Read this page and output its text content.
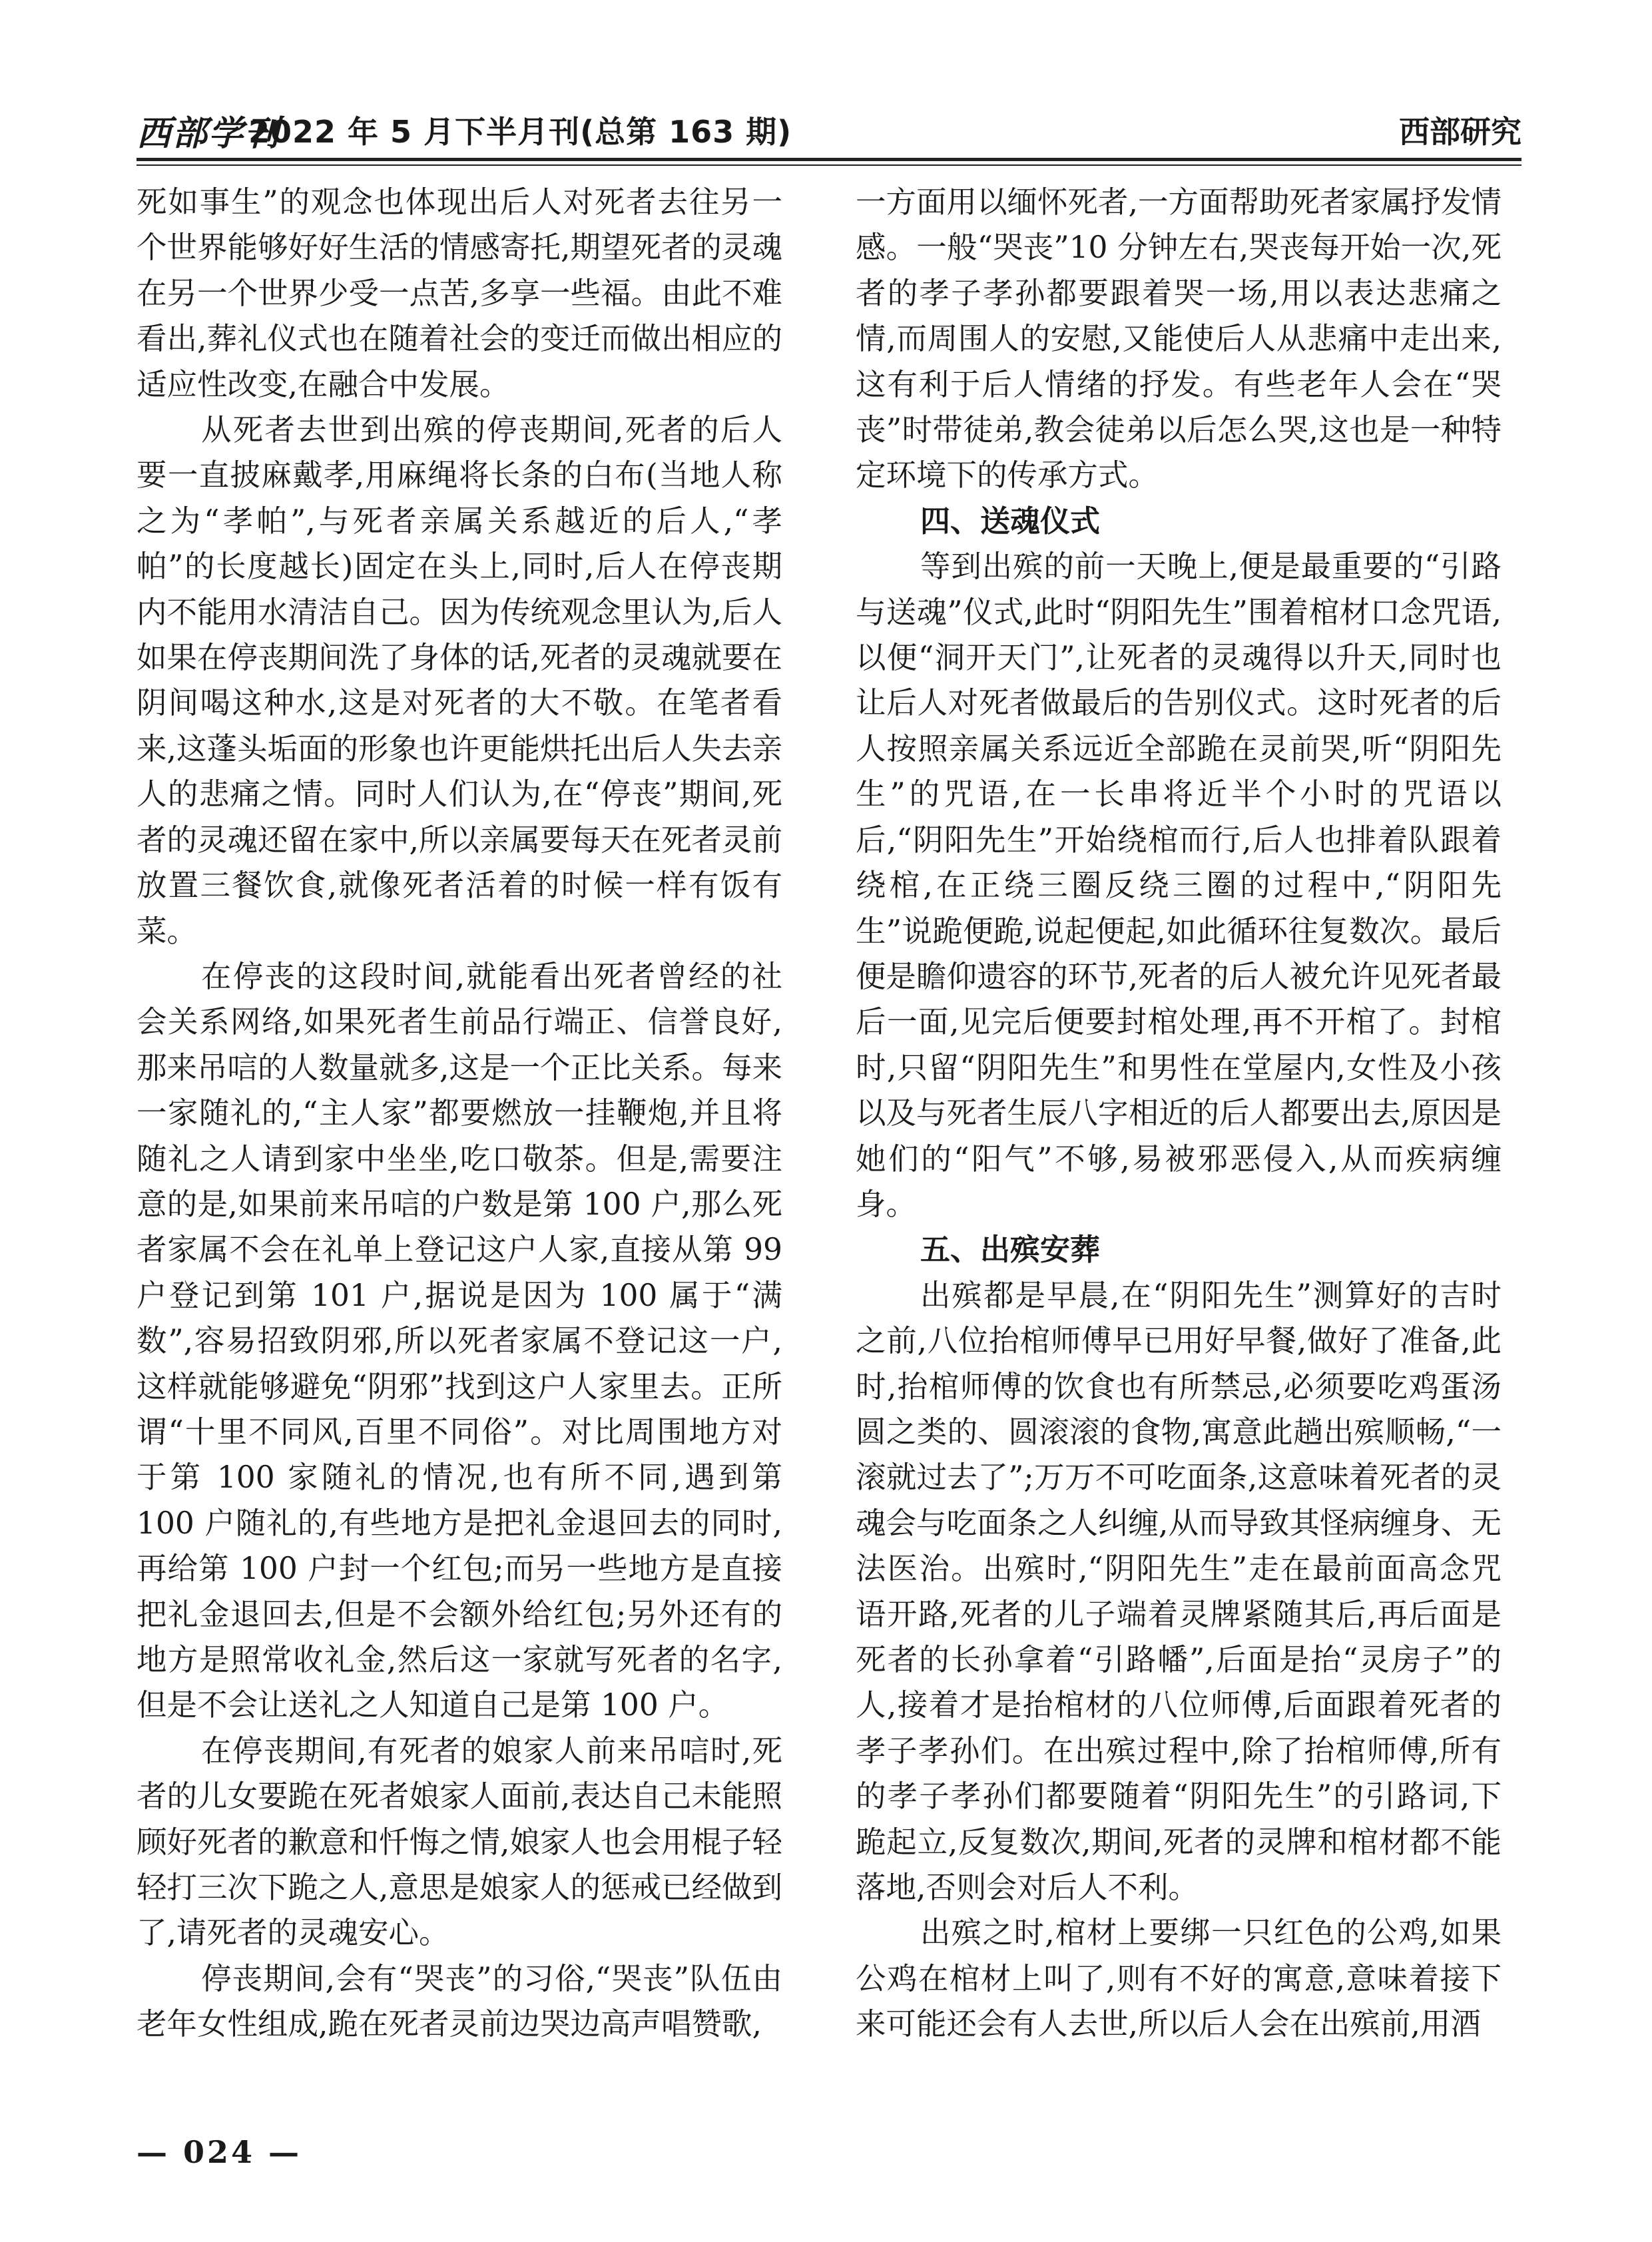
西部学刊
2022 年 5 月下半月刊(总第 163 期)	西部研究

死如事生”的观念也体现出后人对死者去往另一个世界能够好好生活的情感寄托,期望死者的灵魂在另一个世界少受一点苦,多享一些福。由此不难看出,葬礼仪式也在随着社会的变迁而做出相应的适应性改变,在融合中发展。

从死者去世到出殡的停丧期间,死者的后人要一直披麻戴孝,用麻绳将长条的白布(当地人称之为“孝帕”,与死者亲属关系越近的后人,“孝帕”的长度越长)固定在头上,同时,后人在停丧期内不能用水清洁自己。因为传统观念里认为,后人如果在停丧期间洗了身体的话,死者的灵魂就要在阴间喝这种水,这是对死者的大不敬。在笔者看来,这蓬头垢面的形象也许更能烘托出后人失去亲人的悲痛之情。同时人们认为,在“停丧”期间,死者的灵魂还留在家中,所以亲属要每天在死者灵前放置三餐饮食,就像死者活着的时候一样有饭有菜。

在停丧的这段时间,就能看出死者曾经的社会关系网络,如果死者生前品行端正、信誉良好,那来吊唁的人数量就多,这是一个正比关系。每来一家随礼的,“主人家”都要燃放一挂鞭炮,并且将随礼之人请到家中坐坐,吃口敬茶。但是,需要注意的是,如果前来吊唁的户数是第 100 户,那么死者家属不会在礼单上登记这户人家,直接从第 99 户登记到第 101 户,据说是因为 100 属于“满数”,容易招致阴邪,所以死者家属不登记这一户,这样就能够避免“阴邪”找到这户人家里去。正所谓“十里不同风,百里不同俗”。对比周围地方对于第 100 家随礼的情况,也有所不同,遇到第 100 户随礼的,有些地方是把礼金退回去的同时,再给第 100 户封一个红包;而另一些地方是直接把礼金退回去,但是不会额外给红包;另外还有的地方是照常收礼金,然后这一家就写死者的名字,但是不会让送礼之人知道自己是第 100 户。

在停丧期间,有死者的娘家人前来吊唁时,死者的儿女要跪在死者娘家人面前,表达自己未能照顾好死者的歉意和忏悔之情,娘家人也会用棍子轻轻打三次下跪之人,意思是娘家人的惩戒已经做到了,请死者的灵魂安心。

停丧期间,会有“哭丧”的习俗,“哭丧”队伍由老年女性组成,跪在死者灵前边哭边高声唱赞歌,

一方面用以缅怀死者,一方面帮助死者家属抒发情感。一般“哭丧”10 分钟左右,哭丧每开始一次,死者的孝子孝孙都要跟着哭一场,用以表达悲痛之情,而周围人的安慰,又能使后人从悲痛中走出来,这有利于后人情绪的抒发。有些老年人会在“哭丧”时带徒弟,教会徒弟以后怎么哭,这也是一种特定环境下的传承方式。

四、送魂仪式

等到出殡的前一天晚上,便是最重要的“引路与送魂”仪式,此时“阴阳先生”围着棺材口念咒语,以便“洞开天门”,让死者的灵魂得以升天,同时也让后人对死者做最后的告别仪式。这时死者的后人按照亲属关系远近全部跪在灵前哭,听“阴阳先生”的咒语,在一长串将近半个小时的咒语以后,“阴阳先生”开始绕棺而行,后人也排着队跟着绕棺,在正绕三圈反绕三圈的过程中,“阴阳先生”说跪便跪,说起便起,如此循环往复数次。最后便是瞻仰遗容的环节,死者的后人被允许见死者最后一面,见完后便要封棺处理,再不开棺了。封棺时,只留“阴阳先生”和男性在堂屋内,女性及小孩以及与死者生辰八字相近的后人都要出去,原因是她们的“阳气”不够,易被邪恶侵入,从而疾病缠身。

五、出殡安葬

出殡都是早晨,在“阴阳先生”测算好的吉时之前,八位抬棺师傅早已用好早餐,做好了准备,此时,抬棺师傅的饮食也有所禁忌,必须要吃鸡蛋汤圆之类的、圆滚滚的食物,寓意此趟出殡顺畅,“一滚就过去了”;万万不可吃面条,这意味着死者的灵魂会与吃面条之人纠缠,从而导致其怪病缠身、无法医治。出殡时,“阴阳先生”走在最前面高念咒语开路,死者的儿子端着灵牌紧随其后,再后面是死者的长孙拿着“引路幡”,后面是抬“灵房子”的人,接着才是抬棺材的八位师傅,后面跟着死者的孝子孝孙们。在出殡过程中,除了抬棺师傅,所有的孝子孝孙们都要随着“阴阳先生”的引路词,下跪起立,反复数次,期间,死者的灵牌和棺材都不能落地,否则会对后人不利。

出殡之时,棺材上要绑一只红色的公鸡,如果公鸡在棺材上叫了,则有不好的寓意,意味着接下来可能还会有人去世,所以后人会在出殡前,用酒

— 024 —
